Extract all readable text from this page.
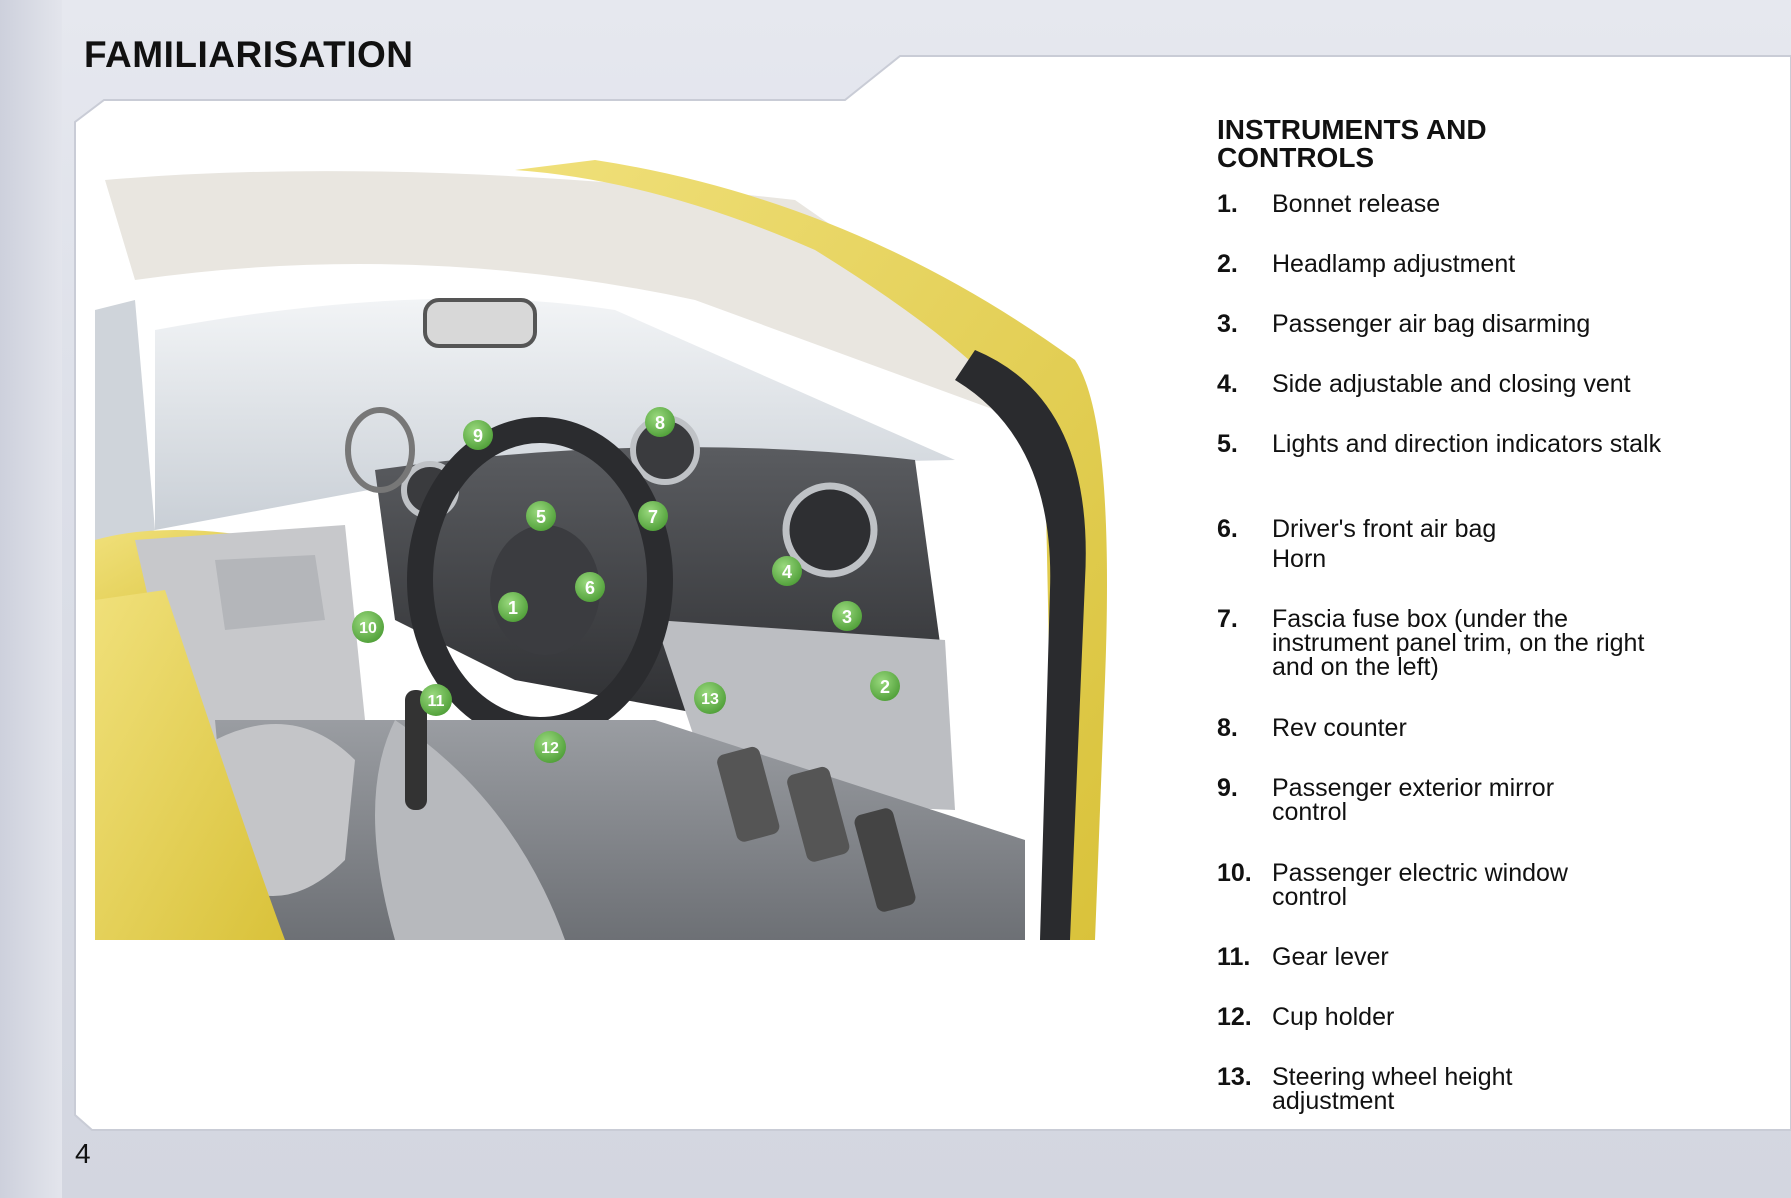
FAMILIARISATION
1
2
3
4
5
6
7
8
9
10
11
12
13
INSTRUMENTS AND CONTROLS
1.	Bonnet release
2.	Headlamp adjustment
3.	Passenger air bag disarming
4.	Side adjustable and closing vent
5.	Lights and direction indicators stalk
6.	Driver's front air bag
Horn
7.	Fascia fuse box (under the instrument panel trim, on the right and on the left)
8.	Rev counter
9.	Passenger exterior mirror control
10. Passenger electric window control
11. Gear lever
12. Cup holder
13. Steering wheel height adjustment
4
